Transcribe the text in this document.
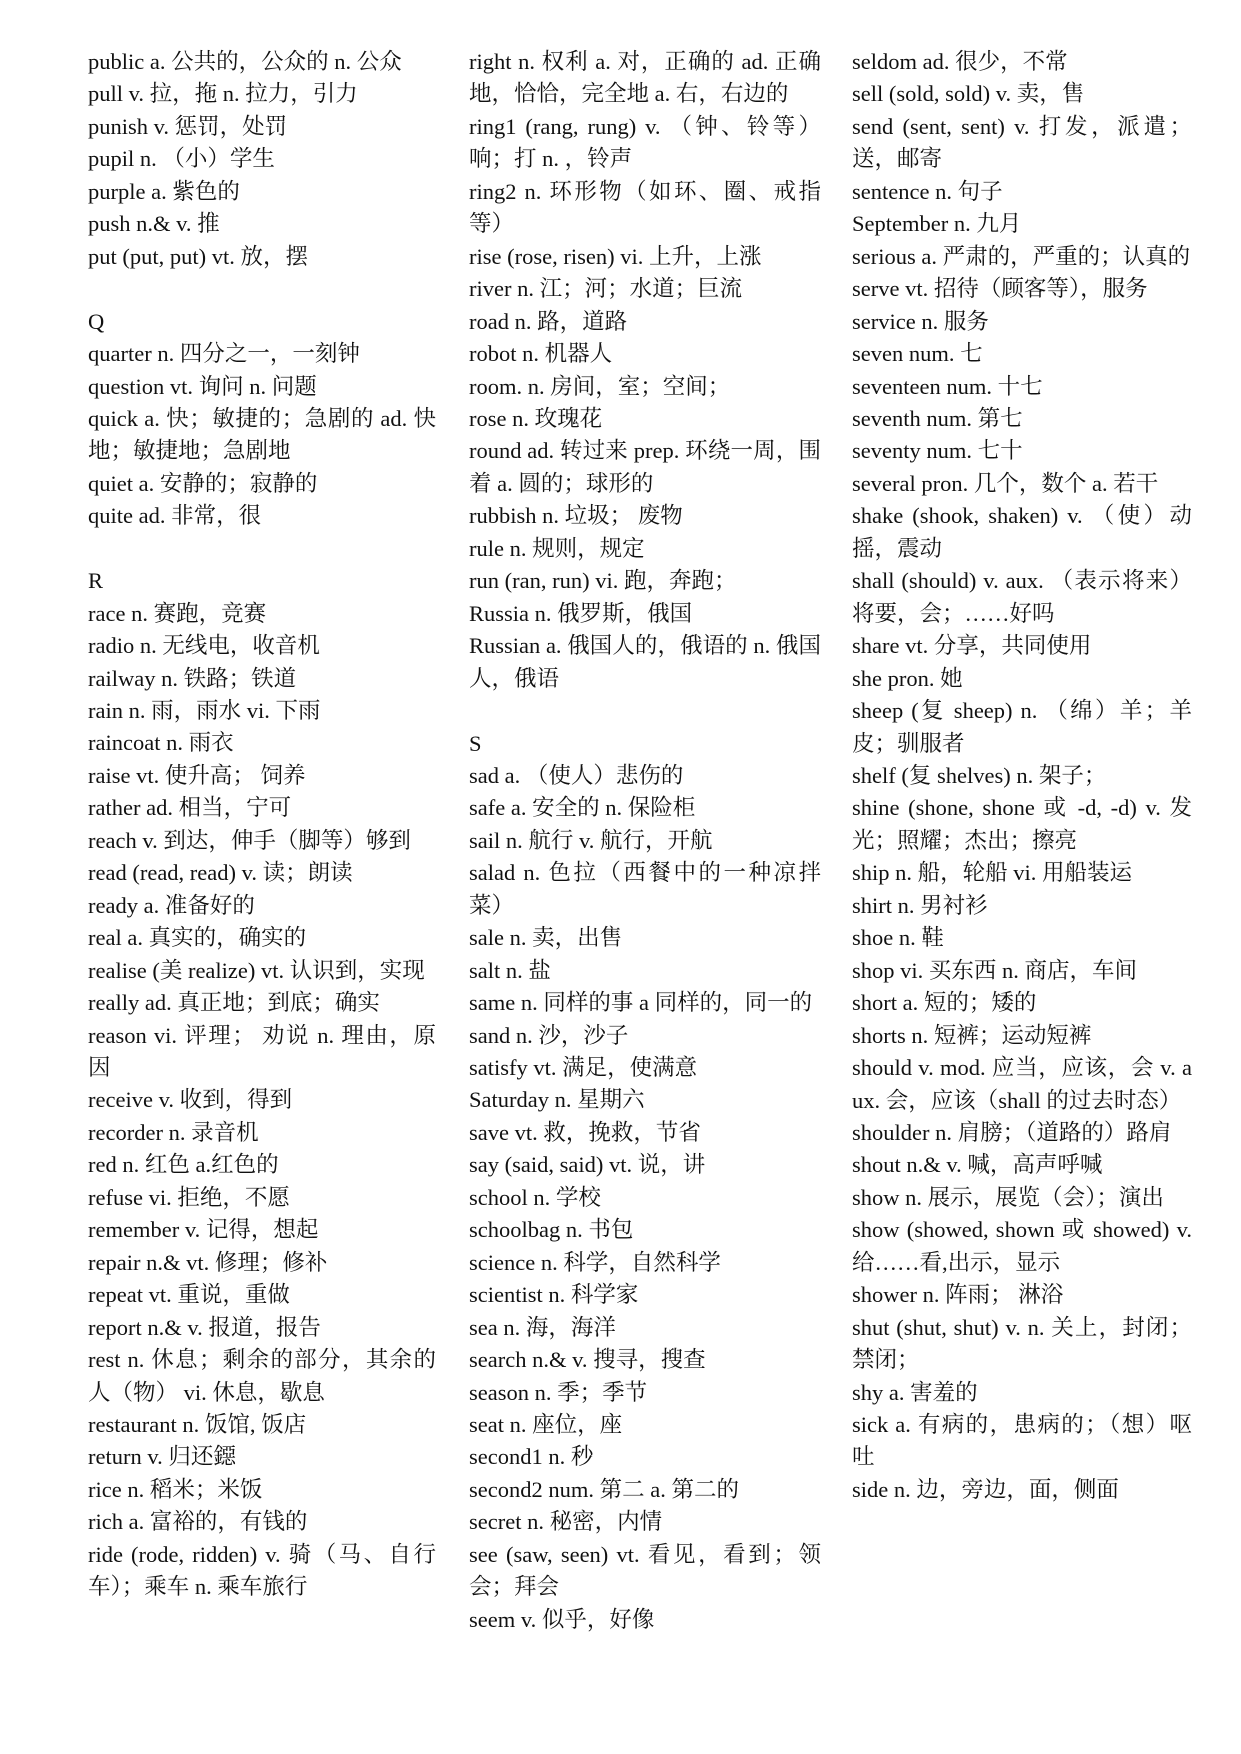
public a. 公共的，公众的 n. 公众
pull v. 拉，拖 n. 拉力，引力
punish v. 惩罚，处罚
pupil n. （小）学生
purple a. 紫色的
push n.& v. 推
put (put, put) vt. 放，摆
Q
quarter n. 四分之一，一刻钟
question vt. 询问 n. 问题
quick a. 快；敏捷的；急剧的 ad. 快地；敏捷地；急剧地
quiet a. 安静的；寂静的
quite ad. 非常，很
R
race n. 赛跑，竞赛
radio n. 无线电，收音机
railway n. 铁路；铁道
rain n. 雨，雨水 vi. 下雨
raincoat n. 雨衣
raise vt. 使升高； 饲养
rather ad. 相当，宁可
reach v. 到达，伸手（脚等）够到
read (read, read) v. 读；朗读
ready a. 准备好的
real a. 真实的，确实的
realise (美 realize) vt. 认识到，实现
really ad. 真正地；到底；确实
reason vi. 评理； 劝说 n. 理由，原因
receive v. 收到，得到
recorder n. 录音机
red n. 红色 a.红色的
refuse vi. 拒绝，不愿
remember v. 记得，想起
repair n.& vt. 修理；修补
repeat vt. 重说，重做
report n.& v. 报道，报告
rest n. 休息；剩余的部分，其余的人（物） vi. 休息，歇息
restaurant n. 饭馆, 饭店
return v. 归还鐚
rice n. 稻米；米饭
rich a. 富裕的，有钱的
ride (rode, ridden) v. 骑（马、自行车）；乘车 n. 乘车旅行
right n. 权利 a. 对，正确的 ad. 正确地，恰恰，完全地 a. 右，右边的
ring1 (rang, rung) v. （钟、铃等）响；打 n. ，铃声
ring2 n. 环形物（如环、圈、戒指等）
rise (rose, risen) vi. 上升，上涨
river n. 江；河；水道；巨流
road n. 路，道路
robot n. 机器人
room. n. 房间，室；空间；
rose n. 玫瑰花
round ad. 转过来 prep. 环绕一周，围着 a. 圆的；球形的
rubbish n. 垃圾； 废物
rule n. 规则，规定
run (ran, run) vi. 跑，奔跑；
Russia n. 俄罗斯，俄国
Russian a. 俄国人的，俄语的 n. 俄国人，俄语
S
sad a. （使人）悲伤的
safe a. 安全的 n. 保险柜
sail n. 航行 v. 航行，开航
salad n. 色拉（西餐中的一种凉拌菜）
sale n. 卖，出售
salt n. 盐
same n. 同样的事 a 同样的，同一的
sand n. 沙，沙子
satisfy vt. 满足，使满意
Saturday n. 星期六
save vt. 救，挽救，节省
say (said, said) vt. 说，讲
school n. 学校
schoolbag n. 书包
science n. 科学，自然科学
scientist n. 科学家
sea n. 海，海洋
search n.& v. 搜寻，搜查
season n. 季；季节
seat n. 座位，座
second1 n. 秒
second2 num. 第二 a. 第二的
secret n. 秘密，内情
see (saw, seen) vt. 看见，看到；领会；拜会
seem v. 似乎，好像
seldom ad. 很少，不常
sell (sold, sold) v. 卖，售
send (sent, sent) v. 打发，派遣；送，邮寄
sentence n. 句子
September n. 九月
serious a. 严肃的，严重的；认真的
serve vt. 招待（顾客等），服务
service n. 服务
seven num. 七
seventeen num. 十七
seventh num. 第七
seventy num. 七十
several pron. 几个，数个 a. 若干
shake (shook, shaken) v. （使）动摇，震动
shall (should) v. aux. （表示将来）将要，会；……好吗
share vt. 分享，共同使用
she pron. 她
sheep (复 sheep) n. （绵）羊；羊皮；驯服者
shelf (复 shelves) n. 架子；
shine (shone, shone 或 -d, -d) v. 发光；照耀；杰出；擦亮
ship n. 船，轮船 vi. 用船装运
shirt n. 男衬衫
shoe n. 鞋
shop vi. 买东西 n. 商店，车间
short a. 短的；矮的
shorts n. 短裤；运动短裤
should v. mod. 应当，应该，会 v. aux. 会，应该（shall 的过去时态）
shoulder n. 肩膀；（道路的）路肩
shout n.& v. 喊，高声呼喊
show n. 展示，展览（会）；演出
show (showed, shown 或 showed) v. 给……看,出示，显示
shower n. 阵雨； 淋浴
shut (shut, shut) v. n. 关上，封闭；禁闭；
shy a. 害羞的
sick a. 有病的，患病的；（想）呕吐
side n. 边，旁边，面，侧面
